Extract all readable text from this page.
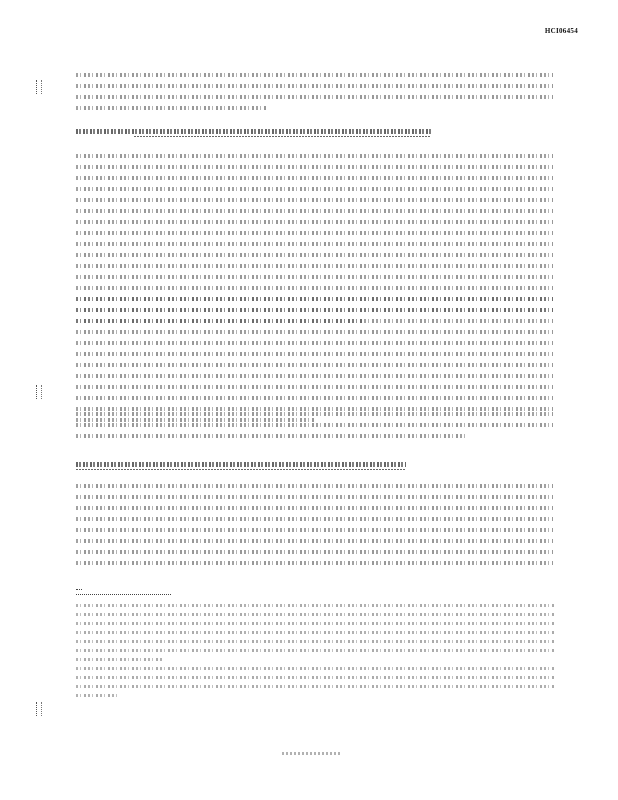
HCI06454
